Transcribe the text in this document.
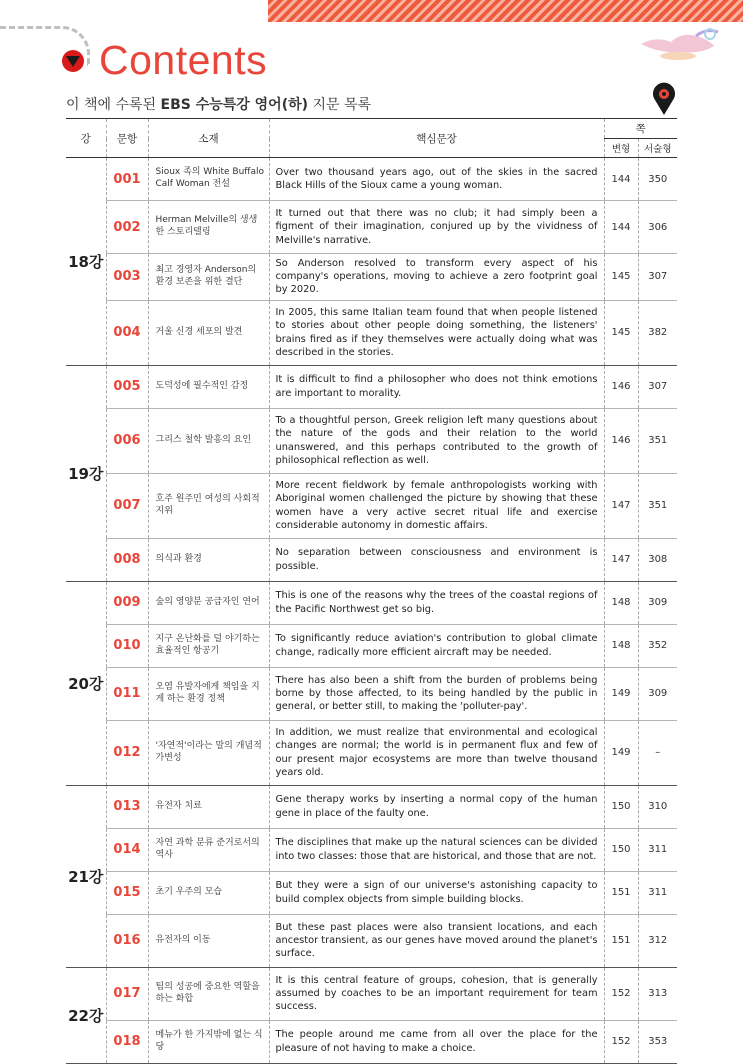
Contents
이 책에 수록된 EBS 수능특강 영어(하) 지문 목록
강	문항	소재	핵심문장	쪽	
				변형	서술형
18강	001	Sioux 족의 White Buffalo Calf Woman 전설	Over two thousand years ago, out of the skies in the sacred Black Hills of the Sioux came a young woman.	144	350
	002	Herman Melville의 생생한 스토리텔링	It turned out that there was no club; it had simply been a figment of their imagination, conjured up by the vividness of Melville's narrative.	144	306
	003	최고 경영자 Anderson의 환경 보존을 위한 결단	So Anderson resolved to transform every aspect of his company's operations, moving to achieve a zero footprint goal by 2020.	145	307
	004	거울 신경 세포의 발견	In 2005, this same Italian team found that when people listened to stories about other people doing something, the listeners' brains fired as if they themselves were actually doing what was described in the stories.	145	382
19강	005	도덕성에 필수적인 감정	It is difficult to find a philosopher who does not think emotions are important to morality.	146	307
	006	그리스 철학 발흥의 요인	To a thoughtful person, Greek religion left many questions about the nature of the gods and their relation to the world unanswered, and this perhaps contributed to the growth of philosophical reflection as well.	146	351
	007	호주 원주민 여성의 사회적 지위	More recent fieldwork by female anthropologists working with Aboriginal women challenged the picture by showing that these women have a very active secret ritual life and exercise considerable autonomy in domestic affairs.	147	351
	008	의식과 환경	No separation between consciousness and environment is possible.	147	308
20강	009	숲의 영양분 공급자인 연어	This is one of the reasons why the trees of the coastal regions of the Pacific Northwest get so big.	148	309
	010	지구 온난화를 덜 야기하는 효율적인 항공기	To significantly reduce aviation's contribution to global climate change, radically more efficient aircraft may be needed.	148	352
	011	오염 유발자에게 책임을 지게 하는 환경 정책	There has also been a shift from the burden of problems being borne by those affected, to its being handled by the public in general, or better still, to making the 'polluter-pay'.	149	309
	012	'자연적'이라는 말의 개념적 가변성	In addition, we must realize that environmental and ecological changes are normal; the world is in permanent flux and few of our present major ecosystems are more than twelve thousand years old.	149	–
21강	013	유전자 치료	Gene therapy works by inserting a normal copy of the human gene in place of the faulty one.	150	310
	014	자연 과학 분류 준거로서의 역사	The disciplines that make up the natural sciences can be divided into two classes: those that are historical, and those that are not.	150	311
	015	초기 우주의 모습	But they were a sign of our universe's astonishing capacity to build complex objects from simple building blocks.	151	311
	016	유전자의 이동	But these past places were also transient locations, and each ancestor transient, as our genes have moved around the planet's surface.	151	312
22강	017	팀의 성공에 중요한 역할을 하는 화합	It is this central feature of groups, cohesion, that is generally assumed by coaches to be an important requirement for team success.	152	313
	018	메뉴가 한 가지밖에 없는 식당	The people around me came from all over the place for the pleasure of not having to make a choice.	152	353
